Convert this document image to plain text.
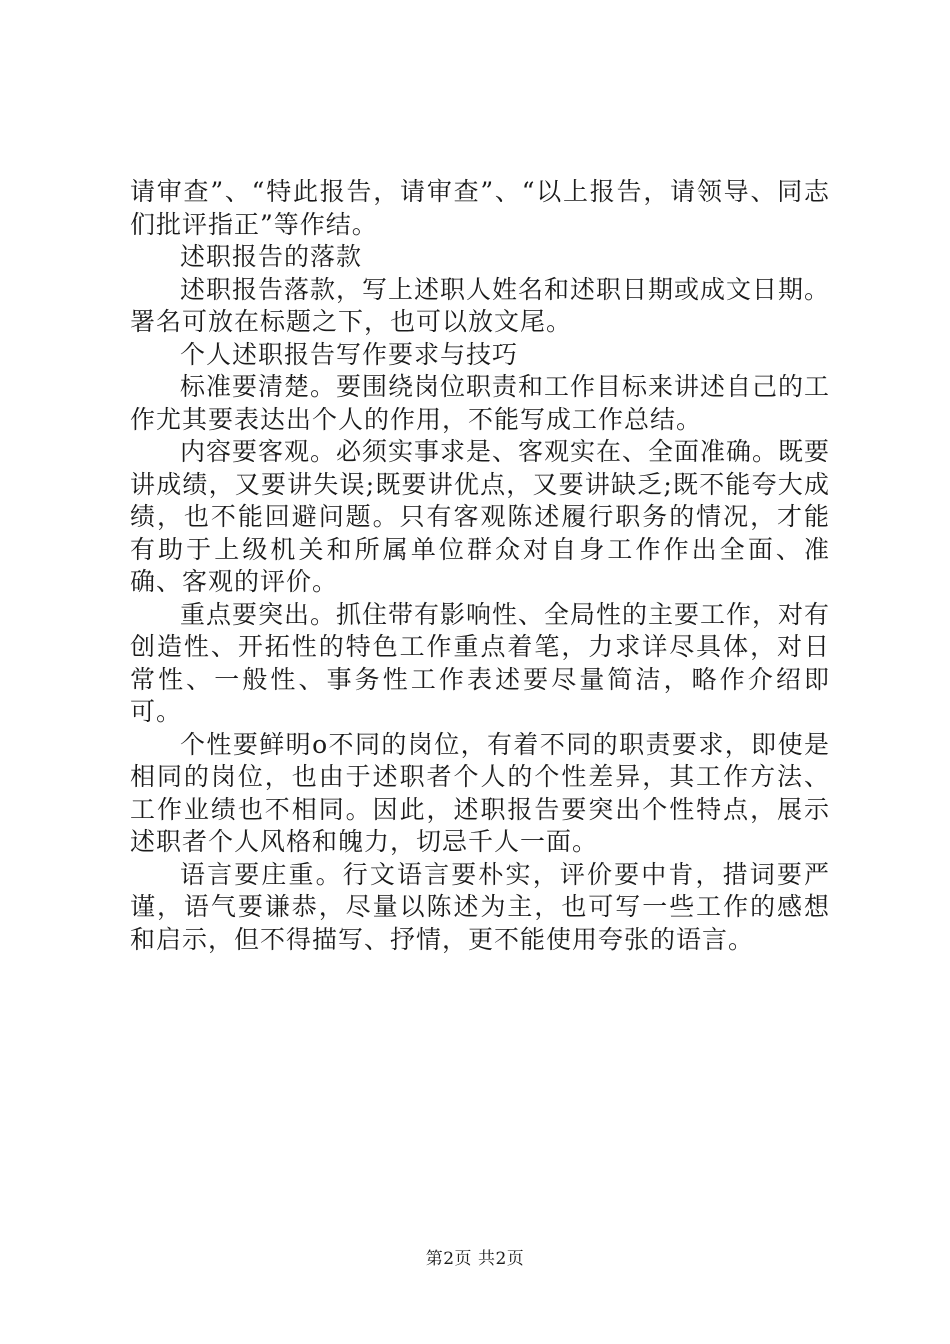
请审查”、“特此报告，请审查”、“以上报告，请领导、同志们批评指正”等作结。

述职报告的落款

述职报告落款，写上述职人姓名和述职日期或成文日期。署名可放在标题之下，也可以放文尾。

个人述职报告写作要求与技巧

标准要清楚。要围绕岗位职责和工作目标来讲述自己的工作尤其要表达出个人的作用，不能写成工作总结。

内容要客观。必须实事求是、客观实在、全面准确。既要讲成绩，又要讲失误;既要讲优点，又要讲缺乏;既不能夸大成绩，也不能回避问题。只有客观陈述履行职务的情况，才能有助于上级机关和所属单位群众对自身工作作出全面、准确、客观的评价。

重点要突出。抓住带有影响性、全局性的主要工作，对有创造性、开拓性的特色工作重点着笔，力求详尽具体，对日常性、一般性、事务性工作表述要尽量简洁，略作介绍即可。

个性要鲜明ο不同的岗位，有着不同的职责要求，即使是相同的岗位，也由于述职者个人的个性差异，其工作方法、工作业绩也不相同。因此，述职报告要突出个性特点，展示述职者个人风格和魄力，切忌千人一面。

语言要庄重。行文语言要朴实，评价要中肯，措词要严谨，语气要谦恭，尽量以陈述为主，也可写一些工作的感想和启示，但不得描写、抒情，更不能使用夸张的语言。

第2页 共2页
